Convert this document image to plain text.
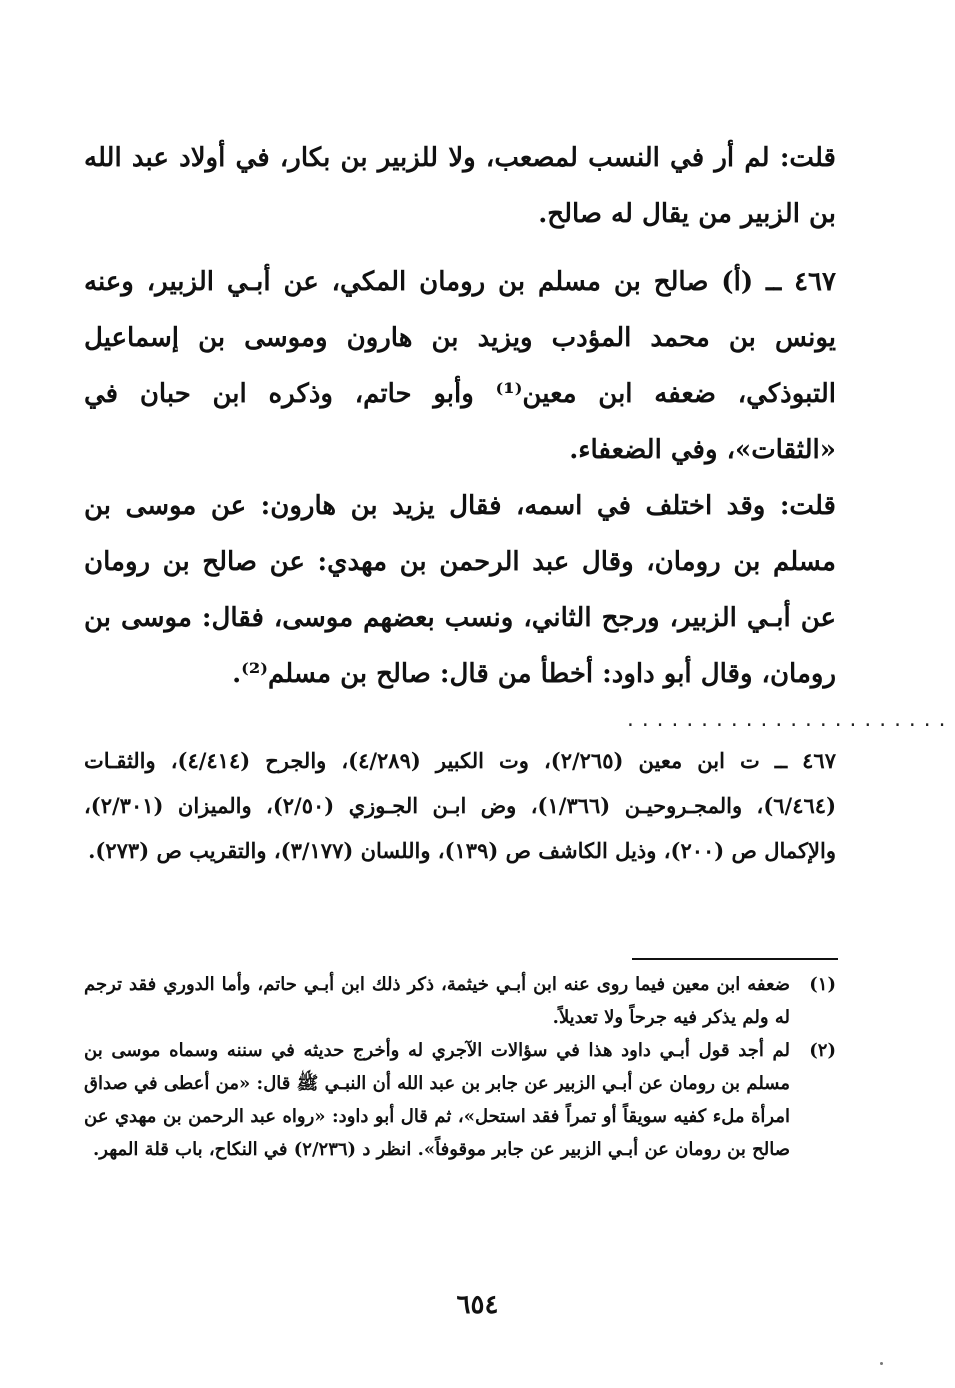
قلت: لم أر في النسب لمصعب، ولا للزبير بن بكار، في أولاد عبد الله بن الزبير من يقال له صالح.

٤٦٧ ــ (أ) صالح بن مسلم بن رومان المكي، عن أبـي الزبير، وعنه يونس بن محمد المؤدب ويزيد بن هارون وموسى بن إسماعيل التبوذكي، ضعفه ابن معين⁽¹⁾ وأبو حاتم، وذكره ابن حبان في «الثقات»، وفي الضعفاء.

قلت: وقد اختلف في اسمه، فقال يزيد بن هارون: عن موسى بن مسلم بن رومان، وقال عبد الرحمن بن مهدي: عن صالح بن رومان عن أبـي الزبير، ورجح الثاني، ونسب بعضهم موسى، فقال: موسى بن رومان، وقال أبو داود: أخطأ من قال: صالح بن مسلم⁽²⁾.

......................

٤٦٧ ــ ت ابن معين (٢/٢٦٥)، وت الكبير (٤/٢٨٩)، والجرح (٤/٤١٤)، والثقـات (٦/٤٦٤)، والمجـروحيـن (١/٣٦٦)، وض ابـن الجـوزي (٢/٥٠)، والميزان (٢/٣٠١)، والإكمال ص (٢٠٠)، وذيل الكاشف ص (١٣٩)، واللسان (٣/١٧٧)، والتقريب ص (٢٧٣).

(١)
ضعفه ابن معين فيما روى عنه ابن أبـي خيثمة، ذكر ذلك ابن أبـي حاتم، وأما الدوري فقد ترجم له ولم يذكر فيه جرحاً ولا تعديلاً.
(٢)
لم أجد قول أبـي داود هذا في سؤالات الآجري له وأخرج حديثه في سننه وسماه موسى بن مسلم بن رومان عن أبـي الزبير عن جابر بن عبد الله أن النبـي ﷺ قال: «من أعطى في صداق امرأة ملء كفيه سويقاً أو تمراً فقد استحل»، ثم قال أبو داود: «رواه عبد الرحمن بن مهدي عن صالح بن رومان عن أبـي الزبير عن جابر موقوفاً». انظر د (٢/٢٣٦) في النكاح، باب قلة المهر.
٦٥٤
